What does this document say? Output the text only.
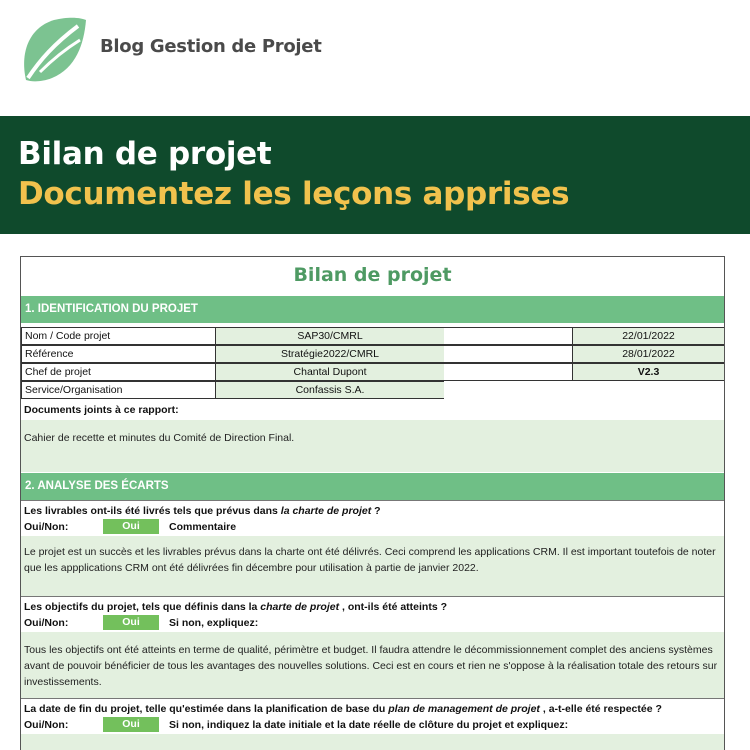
Blog Gestion de Projet
Bilan de projet
Documentez les leçons apprises
Bilan de projet
1. IDENTIFICATION DU PROJET
Nom / Code projet	SAP30/CMRL	22/01/2022
Référence	Stratégie2022/CMRL	28/01/2022
Chef de projet	Chantal Dupont	V2.3
Service/Organisation	Confassis S.A.
Documents joints à ce rapport:
Cahier de recette et minutes du Comité de Direction Final.
2. ANALYSE DES ÉCARTS
Les livrables ont-ils été livrés tels que prévus dans la charte de projet ?
Oui/Non:	Oui	Commentaire
Le projet est un succès et les livrables prévus dans la charte ont été délivrés. Ceci comprend les applications CRM. Il est important toutefois de noter que les appplications CRM ont été délivrées fin décembre pour utilisation à partie de janvier 2022.
Les objectifs du projet, tels que définis dans la charte de projet , ont-ils été atteints ?
Oui/Non:	Oui	Si non, expliquez:
Tous les objectifs ont été atteints en terme de qualité, périmètre et budget. Il faudra attendre le décommissionnement complet des anciens systèmes avant de pouvoir bénéficier de tous les avantages des nouvelles solutions. Ceci est en cours et rien ne s'oppose à la réalisation totale des retours sur investissements.
La date de fin du projet, telle qu'estimée dans la planification de base du plan de management de projet , a-t-elle été respectée ?
Oui/Non:	Oui	Si non, indiquez la date initiale et la date réelle de clôture du projet et expliquez:
